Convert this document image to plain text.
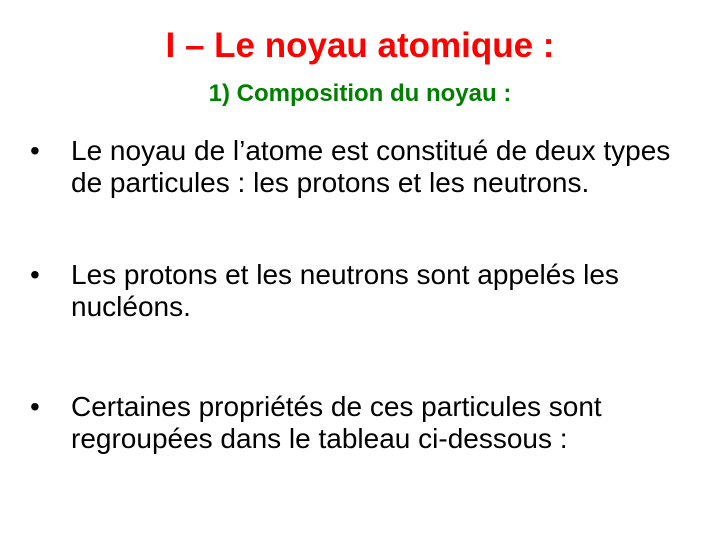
I – Le noyau atomique :
1) Composition du noyau :
•	Le noyau de l’atome est constitué de deux types de particules : les protons et les neutrons.
•	Les protons et les neutrons sont appelés les nucléons.
•	Certaines propriétés de ces particules sont regroupées dans le tableau ci-dessous :
